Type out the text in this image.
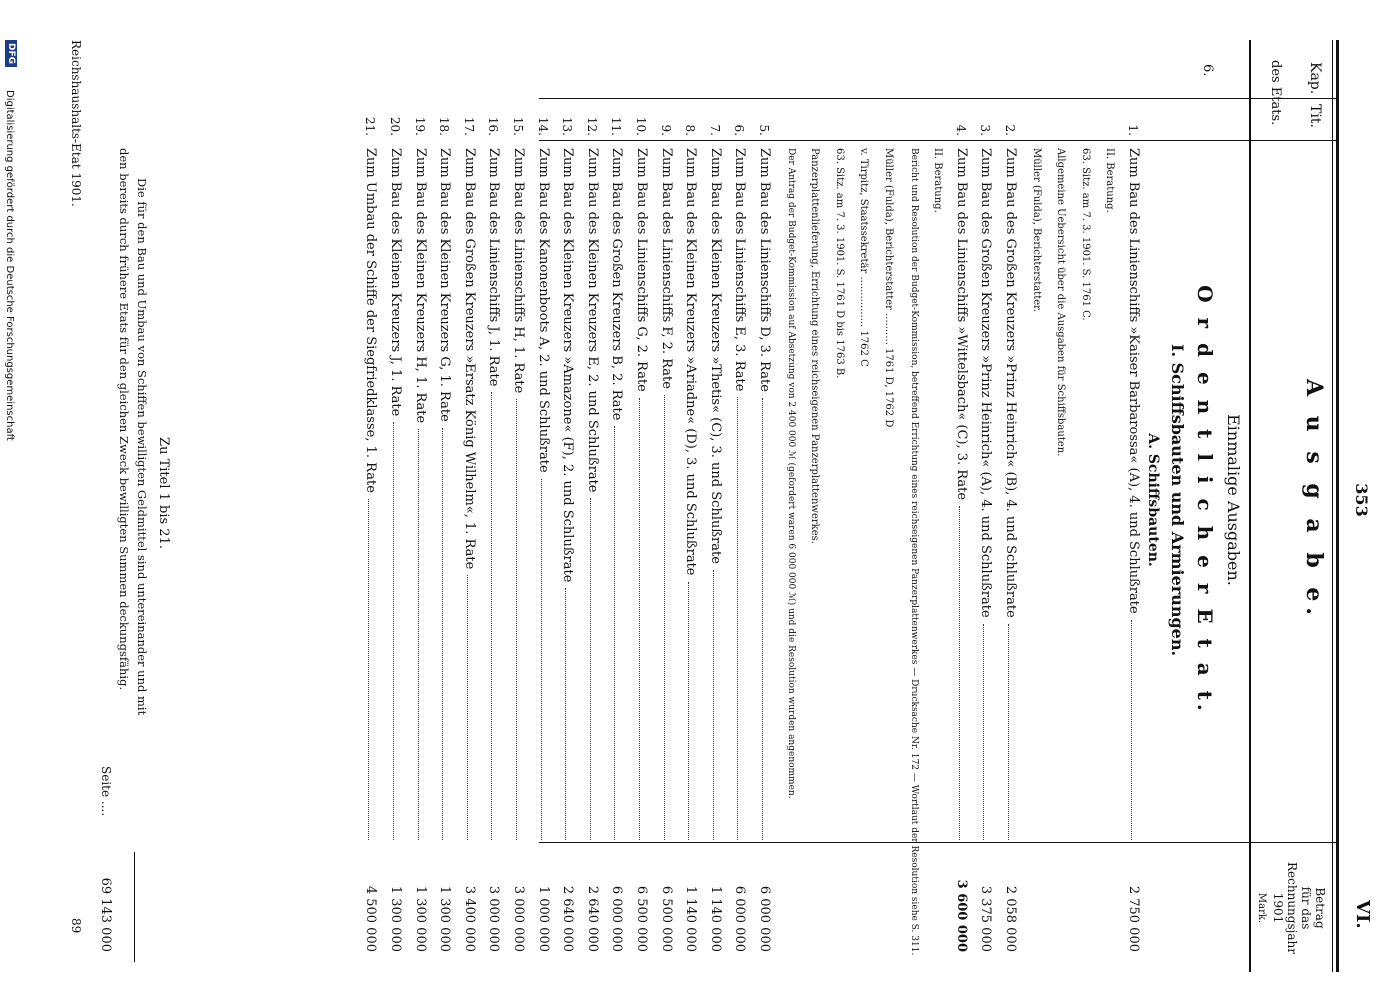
Kap.
Tit.
des Etats.
353
VI.
Betrag
für das
Rechnungsjahr
1901
Mark.
A u s g a b e.
Einmalige Ausgaben.
O r d e n t l i c h e r E t a t.
I. Schiffsbauten und Armierungen.
A. Schiffsbauten.
6.
1.
Zum Bau des Linienschiffs »Kaiser Barbarossa« (A), 4. und Schlußrate
2 750 000
II. Beratung.
63. Sitz. am 7. 3. 1901. S. 1761 C.
Allgemeine Uebersicht über die Ausgaben für Schiffsbauten.
Müller (Fulda), Berichterstatter.
2.
Zum Bau des Großen Kreuzers »Prinz Heinrich« (B), 4. und Schlußrate
2 058 000
3.
Zum Bau des Großen Kreuzers »Prinz Heinrich« (A), 4. und Schlußrate
3 375 000
4.
Zum Bau des Linienschiffs »Wittelsbach« (C), 3. Rate
3 600 000
II. Beratung.
Bericht und Resolution der Budget-Kommission, betreffend Errichtung eines reichseigenen Panzerplattenwerkes — Drucksache Nr. 172 — Wortlaut der Resolution siehe S. 311.
Müller (Fulda), Berichterstatter .......... 1761 D, 1762 D
v. Tirpitz, Staatssekretär ................ 1762 C
63. Sitz. am 7. 3. 1901. S. 1761 D bis 1763 B.
Panzerplattenlieferung, Errichtung eines reichseigenen Panzerplattenwerkes.
Der Antrag der Budget-Kommission auf Absetzung von 2 400 000 ℳ (gefordert waren 6 000 000 ℳ) und die Resolution wurden angenommen.
5.
Zum Bau des Linienschiffs D, 3. Rate
6 000 000
6.
Zum Bau des Linienschiffs E, 3. Rate
6 000 000
7.
Zum Bau des Kleinen Kreuzers »Thetis« (C), 3. und Schlußrate
1 140 000
8.
Zum Bau des Kleinen Kreuzers »Ariadne« (D), 3. und Schlußrate
1 140 000
9.
Zum Bau des Linienschiffs F, 2. Rate
6 500 000
10.
Zum Bau des Linienschiffs G, 2. Rate
6 500 000
11.
Zum Bau des Großen Kreuzers B, 2. Rate
6 000 000
12.
Zum Bau des Kleinen Kreuzers E, 2. und Schlußrate
2 640 000
13.
Zum Bau des Kleinen Kreuzers »Amazone« (F), 2. und Schlußrate
2 640 000
14.
Zum Bau des Kanonenboots A, 2. und Schlußrate
1 000 000
15.
Zum Bau des Linienschiffs H, 1. Rate
3 000 000
16.
Zum Bau des Linienschiffs J, 1. Rate
3 000 000
17.
Zum Bau des Großen Kreuzers »Ersatz König Wilhelm«, 1. Rate
3 400 000
18.
Zum Bau des Kleinen Kreuzers G, 1. Rate
1 300 000
19.
Zum Bau des Kleinen Kreuzers H, 1. Rate
1 300 000
20.
Zum Bau des Kleinen Kreuzers J, 1. Rate
1 300 000
21.
Zum Umbau der Schiffe der Siegfriedklasse, 1. Rate
4 500 000
Zu Titel 1 bis 21.
Die für den Bau und Umbau von Schiffen bewilligten Geldmittel sind untereinander und mit
den bereits durch frühere Etats für den gleichen Zweck bewilligten Summen deckungsfähig.
Seite ....
69 143 000
Reichshaushalts-Etat 1901.
89
Digitalisierung gefördert durch die Deutsche Forschungsgemeinschaft
DFG
